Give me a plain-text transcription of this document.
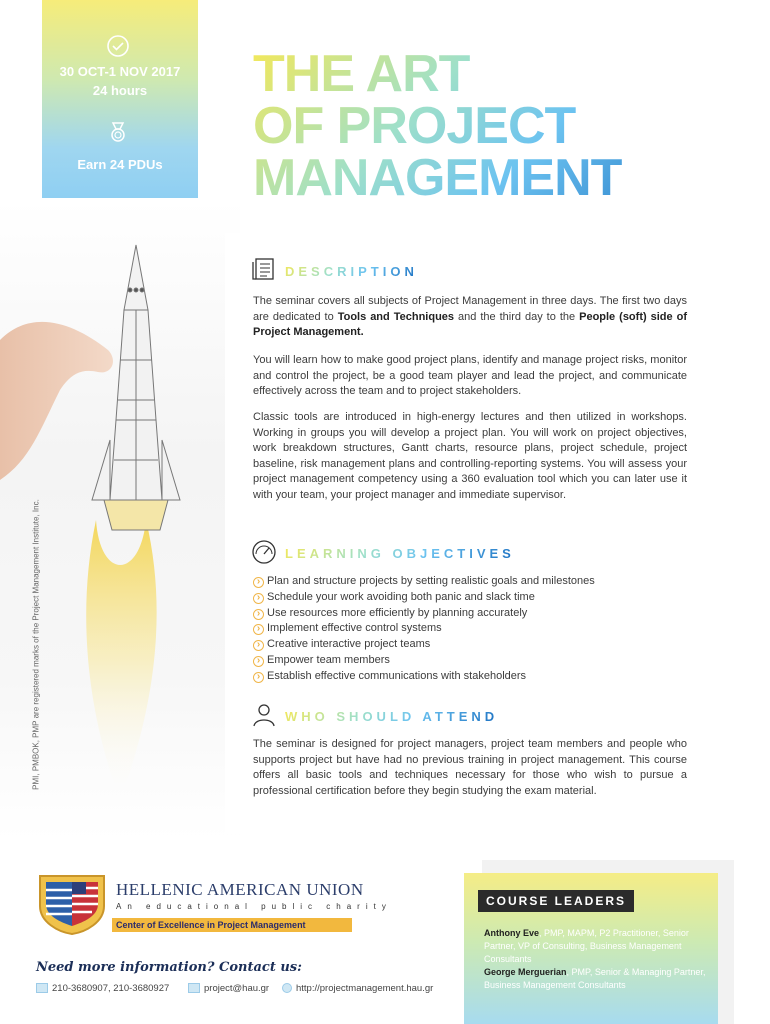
30 OCT-1 NOV 2017
24 hours
Earn 24 PDUs
THE ART
OF PROJECT
MANAGEMENT
PMI, PMBOK, PMP are registered marks of the Project Management Institute, Inc.
DESCRIPTION
The seminar covers all subjects of Project Management in three days. The first two days are dedicated to Tools and Techniques and the third day to the People (soft) side of Project Management.
You will learn how to make good project plans, identify and manage project risks, monitor and control the project, be a good team player and lead the project, and communicate effectively across the team and to project stakeholders.
Classic tools are introduced in high-energy lectures and then utilized in workshops. Working in groups you will develop a project plan. You will work on project objectives, work breakdown structures, Gantt charts, resource plans, project schedule, project baseline, risk management plans and controlling-reporting systems. You will assess your project management competency using a 360 evaluation tool which you can later use it with your team, your project manager and immediate supervisor.
LEARNING OBJECTIVES
› Plan and structure projects by setting realistic goals and milestones
› Schedule your work avoiding both panic and slack time
› Use resources more efficiently by planning accurately
› Implement effective control systems
› Creative interactive project teams
› Empower team members
› Establish effective communications with stakeholders
WHO SHOULD ATTEND
The seminar is designed for project managers, project team members and people who supports project but have had no previous training in project management. This course offers all basic tools and techniques necessary for those who wish to pursue a professional certification before they begin studying the exam material.
HELLENIC AMERICAN UNION
An educational public charity
Center of Excellence in Project Management
Need more information? Contact us:
210-3680907, 210-3680927	project@hau.gr	http://projectmanagement.hau.gr
COURSE LEADERS
Anthony Eve, PMP, MAPM, P2 Practitioner, Senior Partner, VP of Consulting, Business Management Consultants
George Merguerian, PMP, Senior & Managing Partner, Business Management Consultants
